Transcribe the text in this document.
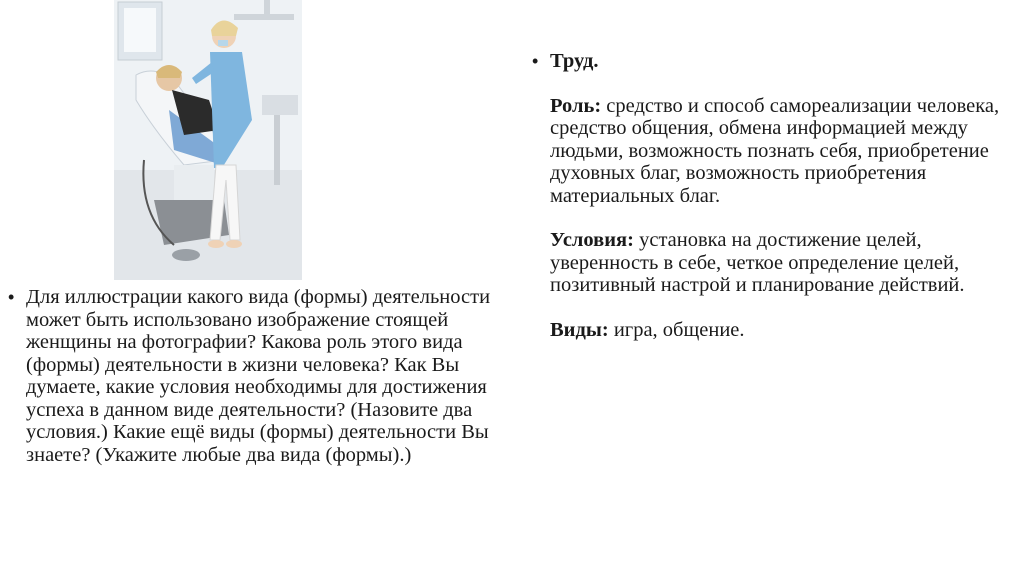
• Для иллюстрации какого вида (формы) деятельности может быть использовано изображение стоящей женщины на фотографии? Какова роль этого вида (формы) деятельности в жизни человека? Как Вы думаете, какие условия необходимы для достижения успеха в данном виде деятельности? (Назовите два условия.) Какие ещё виды (формы) деятельности Вы знаете? (Укажите любые два вида (формы).)
• Труд.
Роль: средство и способ самореализации человека, средство общения, обмена информацией между людьми, возможность познать себя, приобретение духовных благ, возможность приобретения материальных благ.
Условия: установка на достижение целей, уверенность в себе, четкое определение целей, позитивный настрой и планирование действий.
Виды: игра, общение.
